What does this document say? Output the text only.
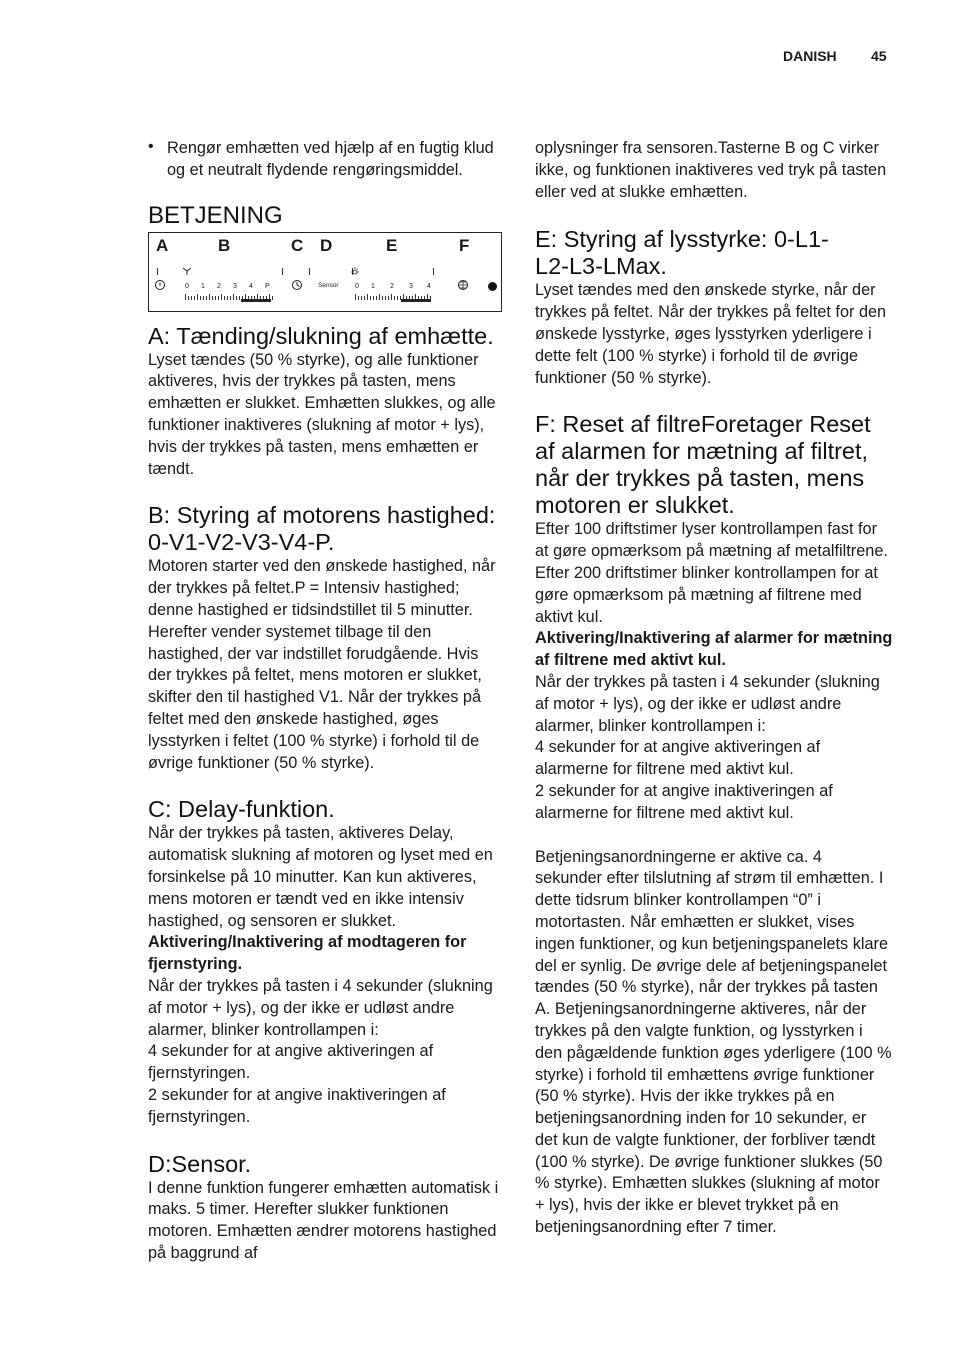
DANISH 45
• Rengør emhætten ved hjælp af en fugtig klud og et neutralt flydende rengøringsmiddel.

BETJENING
A	B	C D	E	F
0 1 2 3 4 P	Sensor 0 1 2 3 4
A: Tænding/slukning af emhætte.

Lyset tændes (50 % styrke), og alle funktioner aktiveres, hvis der trykkes på tasten, mens emhætten er slukket. Emhætten slukkes, og alle funktioner inaktiveres (slukning af motor + lys), hvis der trykkes på tasten, mens emhætten er tændt.

B: Styring af motorens hastighed: 0-V1-V2-V3-V4-P.

Motoren starter ved den ønskede hastighed, når der trykkes på feltet.P = Intensiv hastighed; denne hastighed er tidsindstillet til 5 minutter. Herefter vender systemet tilbage til den hastighed, der var indstillet forudgående. Hvis der trykkes på feltet, mens motoren er slukket, skifter den til hastighed V1. Når der trykkes på feltet med den ønskede hastighed, øges lysstyrken i feltet (100 % styrke) i forhold til de øvrige funktioner (50 % styrke).

C: Delay-funktion.

Når der trykkes på tasten, aktiveres Delay, automatisk slukning af motoren og lyset med en forsinkelse på 10 minutter. Kan kun aktiveres, mens motoren er tændt ved en ikke intensiv hastighed, og sensoren er slukket.

Aktivering/Inaktivering af modtageren for fjernstyring.

Når der trykkes på tasten i 4 sekunder (slukning af motor + lys), og der ikke er udløst andre alarmer, blinker kontrollampen i:

4 sekunder for at angive aktiveringen af fjernstyringen.

2 sekunder for at angive inaktiveringen af fjernstyringen.

D:Sensor.

I denne funktion fungerer emhætten automatisk i maks. 5 timer. Herefter slukker funktionen motoren. Emhætten ændrer motorens hastighed på baggrund af

oplysninger fra sensoren.Tasterne B og C virker ikke, og funktionen inaktiveres ved tryk på tasten eller ved at slukke emhætten.

E: Styring af lysstyrke: 0-L1-L2-L3-LMax.

Lyset tændes med den ønskede styrke, når der trykkes på feltet. Når der trykkes på feltet for den ønskede lysstyrke, øges lysstyrken yderligere i dette felt (100 % styrke) i forhold til de øvrige funktioner (50 % styrke).

F: Reset af filtreForetager Reset af alarmen for mætning af filtret, når der trykkes på tasten, mens motoren er slukket.

Efter 100 driftstimer lyser kontrollampen fast for at gøre opmærksom på mætning af metalfiltrene.

Efter 200 driftstimer blinker kontrollampen for at gøre opmærksom på mætning af filtrene med aktivt kul.

Aktivering/Inaktivering af alarmer for mætning af filtrene med aktivt kul.

Når der trykkes på tasten i 4 sekunder (slukning af motor + lys), og der ikke er udløst andre alarmer, blinker kontrollampen i:

4 sekunder for at angive aktiveringen af alarmerne for filtrene med aktivt kul.

2 sekunder for at angive inaktiveringen af alarmerne for filtrene med aktivt kul.

Betjeningsanordningerne er aktive ca. 4 sekunder efter tilslutning af strøm til emhætten. I dette tidsrum blinker kontrollampen “0” i motortasten. Når emhætten er slukket, vises ingen funktioner, og kun betjeningspanelets klare del er synlig. De øvrige dele af betjeningspanelet tændes (50 % styrke), når der trykkes på tasten A. Betjeningsanordningerne aktiveres, når der trykkes på den valgte funktion, og lysstyrken i den pågældende funktion øges yderligere (100 % styrke) i forhold til emhættens øvrige funktioner (50 % styrke). Hvis der ikke trykkes på en betjeningsanordning inden for 10 sekunder, er det kun de valgte funktioner, der forbliver tændt (100 % styrke). De øvrige funktioner slukkes (50 % styrke). Emhætten slukkes (slukning af motor + lys), hvis der ikke er blevet trykket på en betjeningsanordning efter 7 timer.
